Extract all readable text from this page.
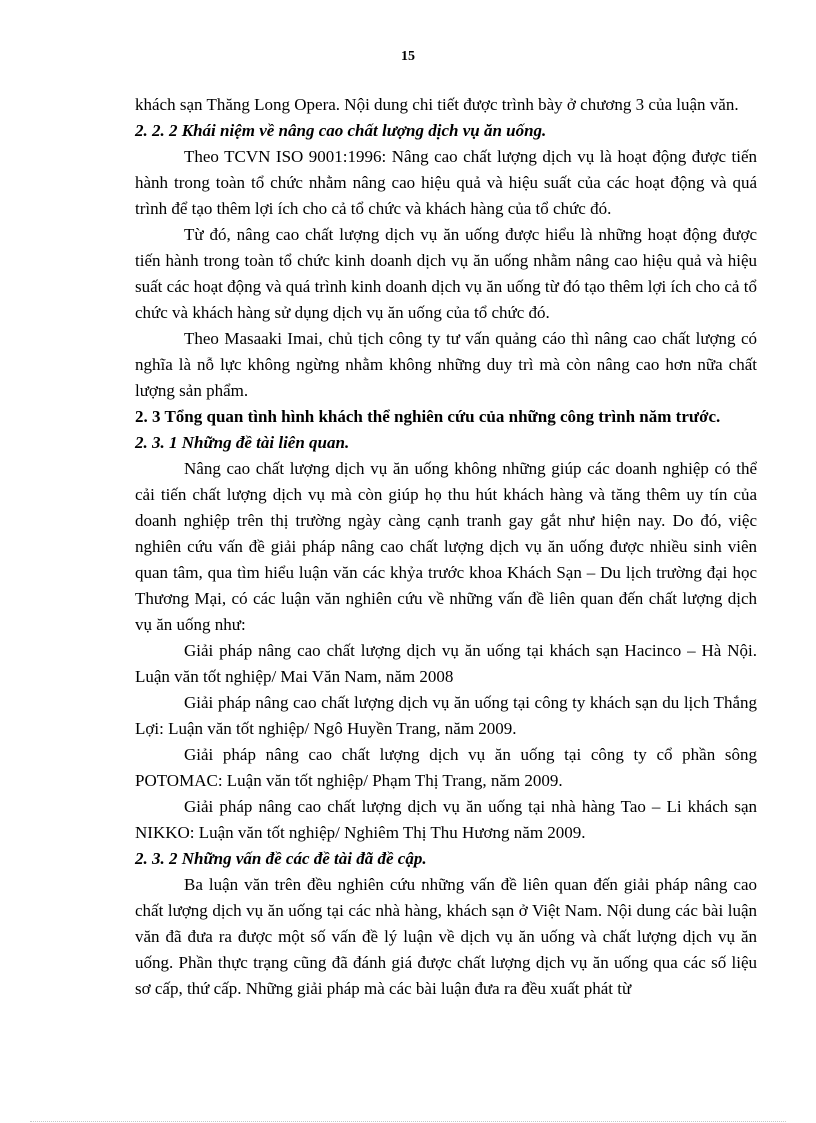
15

khách sạn Thăng Long Opera. Nội dung chi tiết được trình bày ở chương 3 của luận văn.

2. 2. 2 Khái niệm về nâng cao chất lượng dịch vụ ăn uống.

Theo TCVN ISO 9001:1996: Nâng cao chất lượng dịch vụ là hoạt động được tiến hành trong toàn tổ chức nhằm nâng cao hiệu quả và hiệu suất của các hoạt động và quá trình để tạo thêm lợi ích cho cả tổ chức và khách hàng của tổ chức đó.

Từ đó, nâng cao chất lượng dịch vụ ăn uống được hiểu là những hoạt động được tiến hành trong toàn tổ chức kinh doanh dịch vụ ăn uống nhằm nâng cao hiệu quả và hiệu suất các hoạt động và quá trình kinh doanh dịch vụ ăn uống từ đó tạo thêm lợi ích cho cả tổ chức và khách hàng sử dụng dịch vụ ăn uống của tổ chức đó.

Theo Masaaki Imai, chủ tịch công ty tư vấn quảng cáo thì nâng cao chất lượng có nghĩa là nỗ lực không ngừng nhằm không những duy trì mà còn nâng cao hơn nữa chất lượng sản phẩm.

2. 3 Tổng quan tình hình khách thể nghiên cứu của những công trình năm trước.

2. 3. 1 Những đề tài liên quan.

Nâng cao chất lượng dịch vụ ăn uống không những giúp các doanh nghiệp có thể cải tiến chất lượng dịch vụ mà còn giúp họ thu hút khách hàng và tăng thêm uy tín của doanh nghiệp trên thị trường ngày càng cạnh tranh gay gắt như hiện nay. Do đó, việc nghiên cứu vấn đề giải pháp nâng cao chất lượng dịch vụ ăn uống được nhiều sinh viên quan tâm, qua tìm hiểu luận văn các khỷa trước khoa Khách Sạn – Du lịch trường đại học Thương Mại, có các luận văn nghiên cứu về những vấn đề liên quan đến chất lượng dịch vụ ăn uống như:

Giải pháp nâng cao chất lượng dịch vụ ăn uống tại khách sạn Hacinco – Hà Nội. Luận văn tốt nghiệp/ Mai Văn Nam, năm 2008

Giải pháp nâng cao chất lượng dịch vụ ăn uống tại công ty khách sạn du lịch Thắng Lợi: Luận văn tốt nghiệp/ Ngô Huyền Trang, năm 2009.

Giải pháp nâng cao chất lượng dịch vụ ăn uống tại công ty cổ phần sông POTOMAC: Luận văn tốt nghiệp/ Phạm Thị Trang, năm 2009.

Giải pháp nâng cao chất lượng dịch vụ ăn uống tại nhà hàng Tao – Li khách sạn NIKKO: Luận văn tốt nghiệp/ Nghiêm Thị Thu Hương năm 2009.

2. 3. 2 Những vấn đề các đề tài đã đề cập.

Ba luận văn trên đều nghiên cứu những vấn đề liên quan đến giải pháp nâng cao chất lượng dịch vụ ăn uống tại các nhà hàng, khách sạn ở Việt Nam. Nội dung các bài luận văn đã đưa ra được một số vấn đề lý luận về dịch vụ ăn uống và chất lượng dịch vụ ăn uống. Phần thực trạng cũng đã đánh giá được chất lượng dịch vụ ăn uống qua các số liệu sơ cấp, thứ cấp. Những giải pháp mà các bài luận đưa ra đều xuất phát từ
